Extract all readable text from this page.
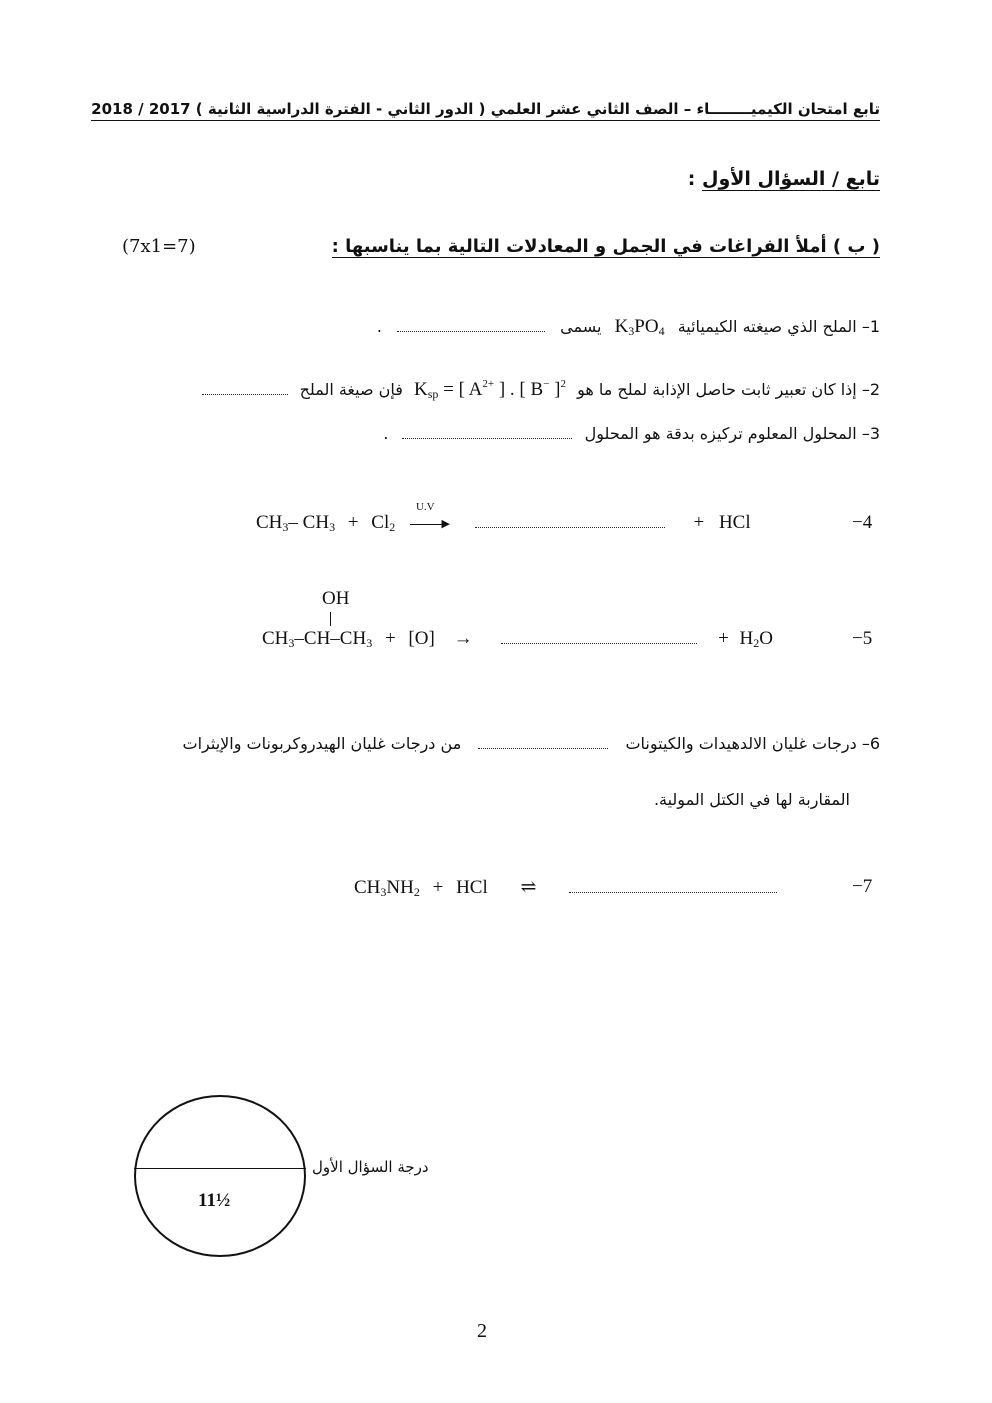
تابع امتحان الكيميــــــــاء – الصف الثاني عشر العلمي ( الدور الثاني - الفترة الدراسية الثانية ) 2017 / 2018
تابع / السؤال الأول :
( ب ) أملأ الفراغات في الجمل و المعادلات التالية بما يناسبها :
(7x1=7)
1– الملح الذي صيغته الكيميائية $K_3PO_4$ يسمى  .
2– إذا كان تعبير ثابت حاصل الإذابة لملح ما هو $K_{sp}$ = [ $A^{2+}$ ] . [ B− ]$^2$ فإن صيغة الملح
3– المحلول المعلوم تركيزه بدقة هو المحلول  .
$CH_3-$ $CH_3 + Cl_2$
U.V
▶	+ HCl	−4
OH
$CH_3-CH-CH_3 + [O]$ →	+ $H_2O$	−5
6– درجات غليان الالدهيدات والكيتونات  من درجات غليان الهيدروكربونات والإيثرات
المقاربة لها في الكتل المولية.
$CH_3NH_2$ + HCl ⇌	−7
11½
درجة السؤال الأول
2
